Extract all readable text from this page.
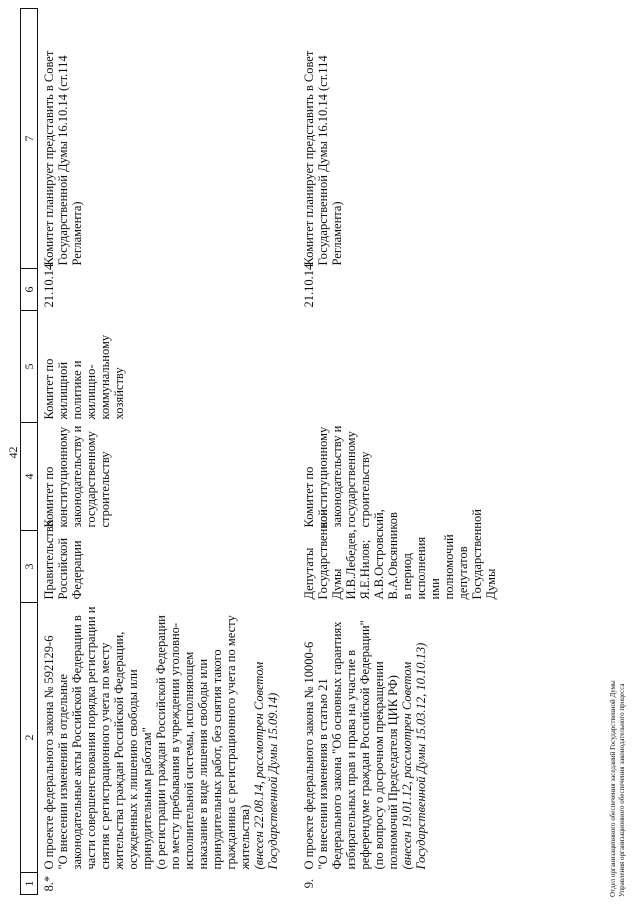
42
1	2	3	4	5	6	7
8.*	О проекте федерального закона № 592129-6
"О внесении изменений в отдельные законодательные акты Российской Федерации в части совершенствования порядка регистрации и снятия с регистрационного учета по месту жительства граждан Российской Федерации, осужденных к лишению свободы или принудительным работам"
(о регистрации граждан Российской Федерации по месту пребывания в учреждении уголовно-исполнительной системы, исполняющем наказание в виде лишения свободы или принудительных работ, без снятия такого гражданина с регистрационного учета по месту жительства)
(внесен 22.08.14, рассмотрен Советом Государственной Думы 15.09.14)	Правительство Российской Федерации	Комитет по конституционному законодательству и государственному строительству	Комитет по жилищной политике и жилищно-коммунальному хозяйству	21.10.14	Комитет планирует представить в Совет Государственной Думы 16.10.14 (ст.114 Регламента)
9.	О проекте федерального закона № 10000-6
"О внесении изменения в статью 21 Федерального закона "Об основных гарантиях избирательных прав и права на участие в референдуме граждан Российской Федерации"
(по вопросу о досрочном прекращении полномочий Председателя ЦИК РФ)
(внесен 19.01.12, рассмотрен Советом Государственной Думы 15.03.12, 10.10.13)	Депутаты Государственной Думы И.В.Лебедев, Я.Е.Нилов; А.В.Островский, В.А.Овсянников в период исполнения ими полномочий депутатов Государственной Думы	Комитет по конституционному законодательству и государственному строительству		21.10.14	Комитет планирует представить в Совет Государственной Думы 16.10.14 (ст.114 Регламента)
Отдел организационного обеспечения заседаний Государственной Думы Управления организационного обеспечения законодательного процесса
